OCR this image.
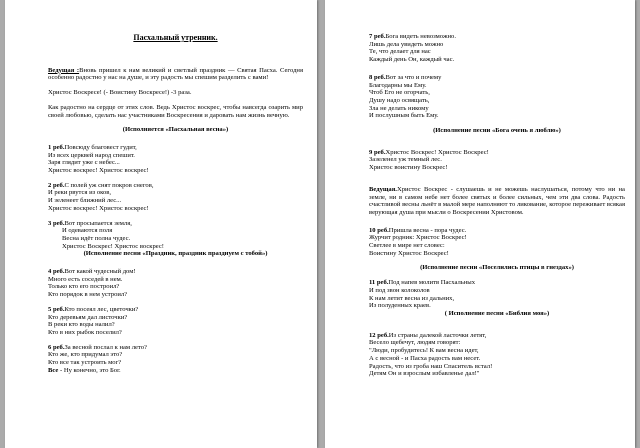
Пасхальный утренник.

Ведущая :Вновь пришел к нам великий и светлый праздник — Святая Пасха. Сегодня особенно радостно у нас на душе, и эту радость мы спешим разделить с вами!

Христос Воскресе! (- Воистину Воскресе!) -3 раза.

Как радостно на сердце от этих слов. Ведь Христос воскрес, чтобы навсегда озарить мир своей любовью, сделать нас участниками Воскресения и даровать нам жизнь вечную.

(Исполняется «Пасхальная весна»)

1 реб.Повсюду благовест гудит,
Из всех церквей народ спешит.
Заря глядит уже с небес...
Христос воскрес! Христос воскрес!
2 реб.С полей уж снят покров снегов,
И реки рвутся из оков,
И зеленеет ближний лес...
Христос воскрес! Христос воскрес!
3 реб.Вот просыпается земля,
И одеваются поля
Весна идёт полна чудес.
Христос Воскрес! Христос воскрес!

(Исполнение песни «Праздник, праздник празднуем с тобой»)

4 реб.Вот какой чудесный дом!
Много есть соседей в нем.
Только кто его построил?
Кто порядок в нем устроил?
5 реб.Кто посеял лес, цветочки?
Кто деревьям дал листочки?
В реки кто воды налил?
Кто в них рыбок поселил?
6 реб.За весной послал к нам лето?
Кто же, кто придумал это?
Кто все так устроить мог?
Все - Ну конечно, это Бог.
7 реб.Бога видеть невозможно.
Лишь дела увидеть можно
Те, что делает для нас
Каждый день Он, каждый час.
8 реб.Вот за что и почему
Благодарны мы Ему.
Чтоб Его не огорчать,
Душу надо освящать,
Зла не делать никому
И послушным быть Ему.

(Исполнение песни «Бога очень я люблю»)

9 реб.Христос Воскрес! Христос Воскрес!
Зазеленел уж темный лес.
Христос воистину Воскрес!

Ведущая.Христос Воскрес - слушаешь и не можешь наслушаться, потому что ни на земле, ни в самом небе нет более святых и более сильных, чем эти два слова. Радость счастливой весны льнёт в малой мере наполняют то ликование, которое переживает всякая верующая душа при мысли о Воскресении Христовом.

10 реб.Пришла весна - пора чудес.
Журчит родник: Христос Воскрес!
Светлее в мире нет словес:
Воистину Христос Воскрес!

(Исполнение песни «Поселились птицы в гнездах»)

11 реб.Под напев молитв Пасхальных
И под звон колоколов
К нам летит весна из дальних,
Из полуденных краев.

( Исполнение песни «Библия моя»)

12 реб.Из страны далекой ласточки летят,
Весело щебечут, людям говорят:
"Люди, пробудитесь! К вам весна идет,
А с весной - и Пасха радость вам несет.
Радость, что из гроба наш Спаситель встал!
Детям Он и взрослым избавленье дал!"
